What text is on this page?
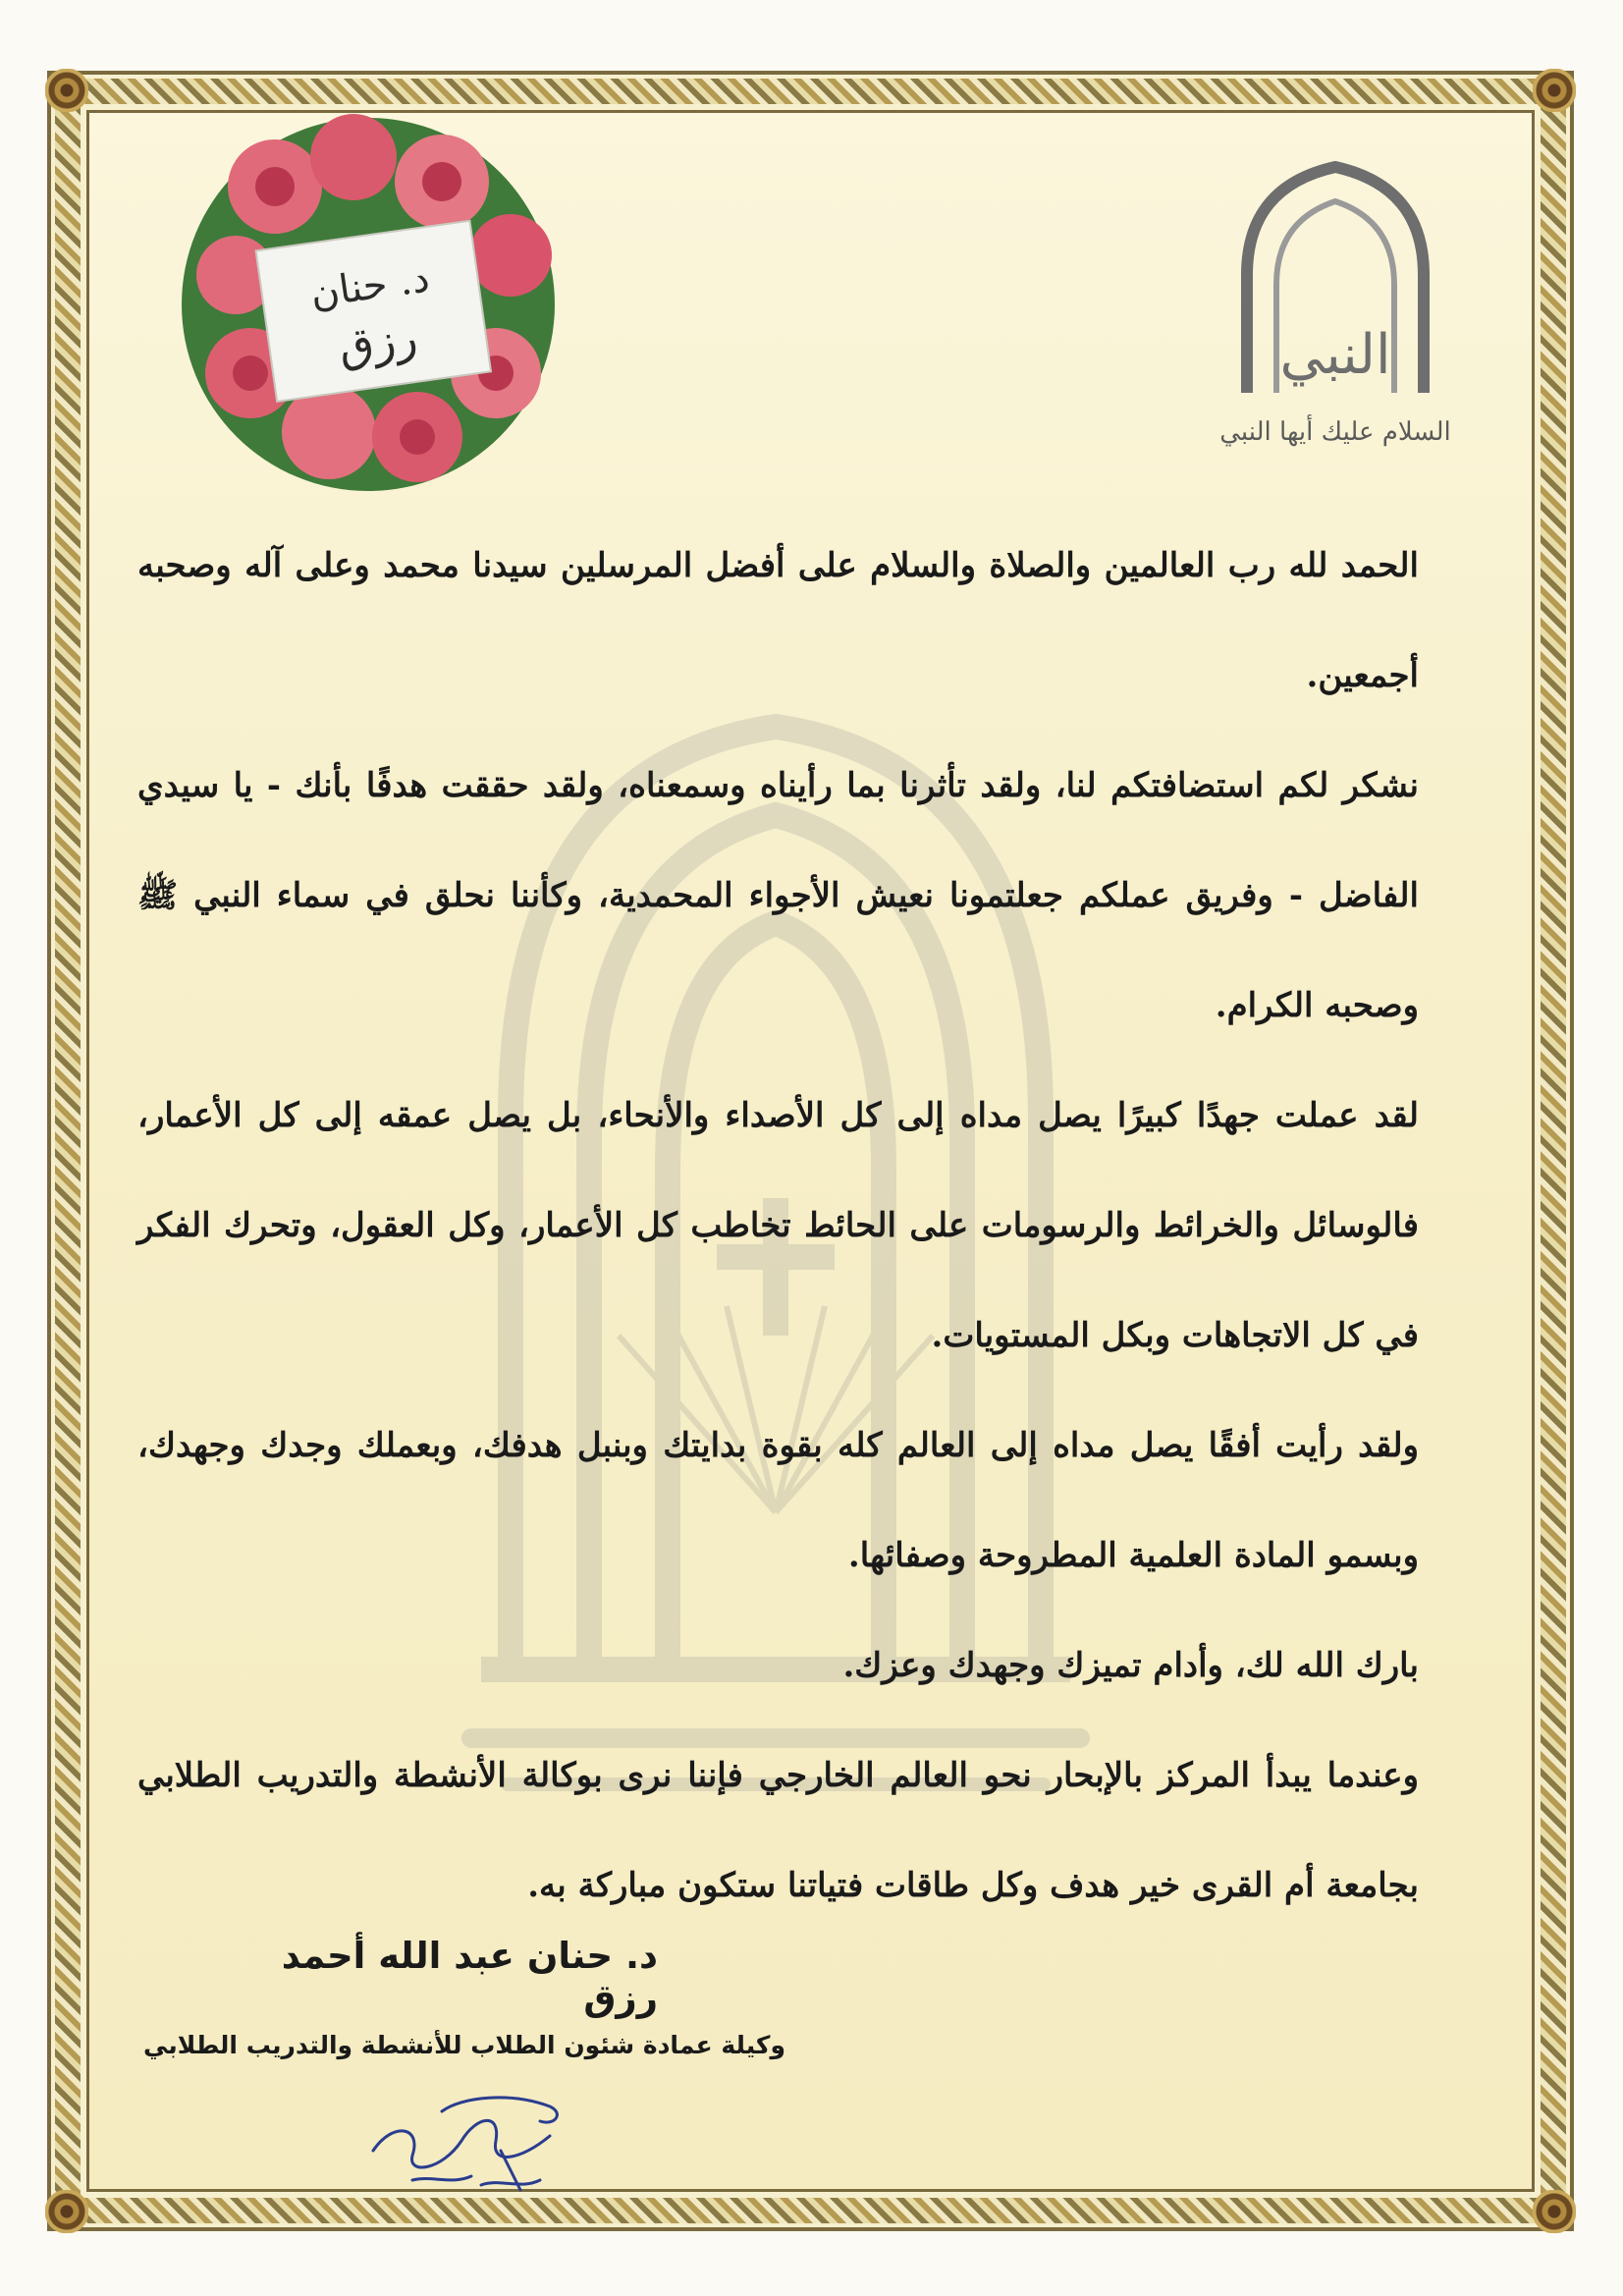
النبي
السلام عليك أيها النبي
د. حنان
رزق

الحمد لله رب العالمين والصلاة والسلام على أفضل المرسلين سيدنا محمد وعلى آله وصحبه أجمعين.

نشكر لكم استضافتكم لنا، ولقد تأثرنا بما رأيناه وسمعناه، ولقد حققت هدفًا بأنك - يا سيدي الفاضل - وفريق عملكم جعلتمونا نعيش الأجواء المحمدية، وكأننا نحلق في سماء النبي ﷺ وصحبه الكرام.

لقد عملت جهدًا كبيرًا يصل مداه إلى كل الأصداء والأنحاء، بل يصل عمقه إلى كل الأعمار، فالوسائل والخرائط والرسومات على الحائط تخاطب كل الأعمار، وكل العقول، وتحرك الفكر في كل الاتجاهات وبكل المستويات.

ولقد رأيت أفقًا يصل مداه إلى العالم كله بقوة بدايتك وبنبل هدفك، وبعملك وجدك وجهدك، وبسمو المادة العلمية المطروحة وصفائها.

بارك الله لك، وأدام تميزك وجهدك وعزك.

وعندما يبدأ المركز بالإبحار نحو العالم الخارجي فإننا نرى بوكالة الأنشطة والتدريب الطلابي بجامعة أم القرى خير هدف وكل طاقات فتياتنا ستكون مباركة به.

د. حنان عبد الله أحمد رزق
وكيلة عمادة شئون الطلاب للأنشطة والتدريب الطلابي
